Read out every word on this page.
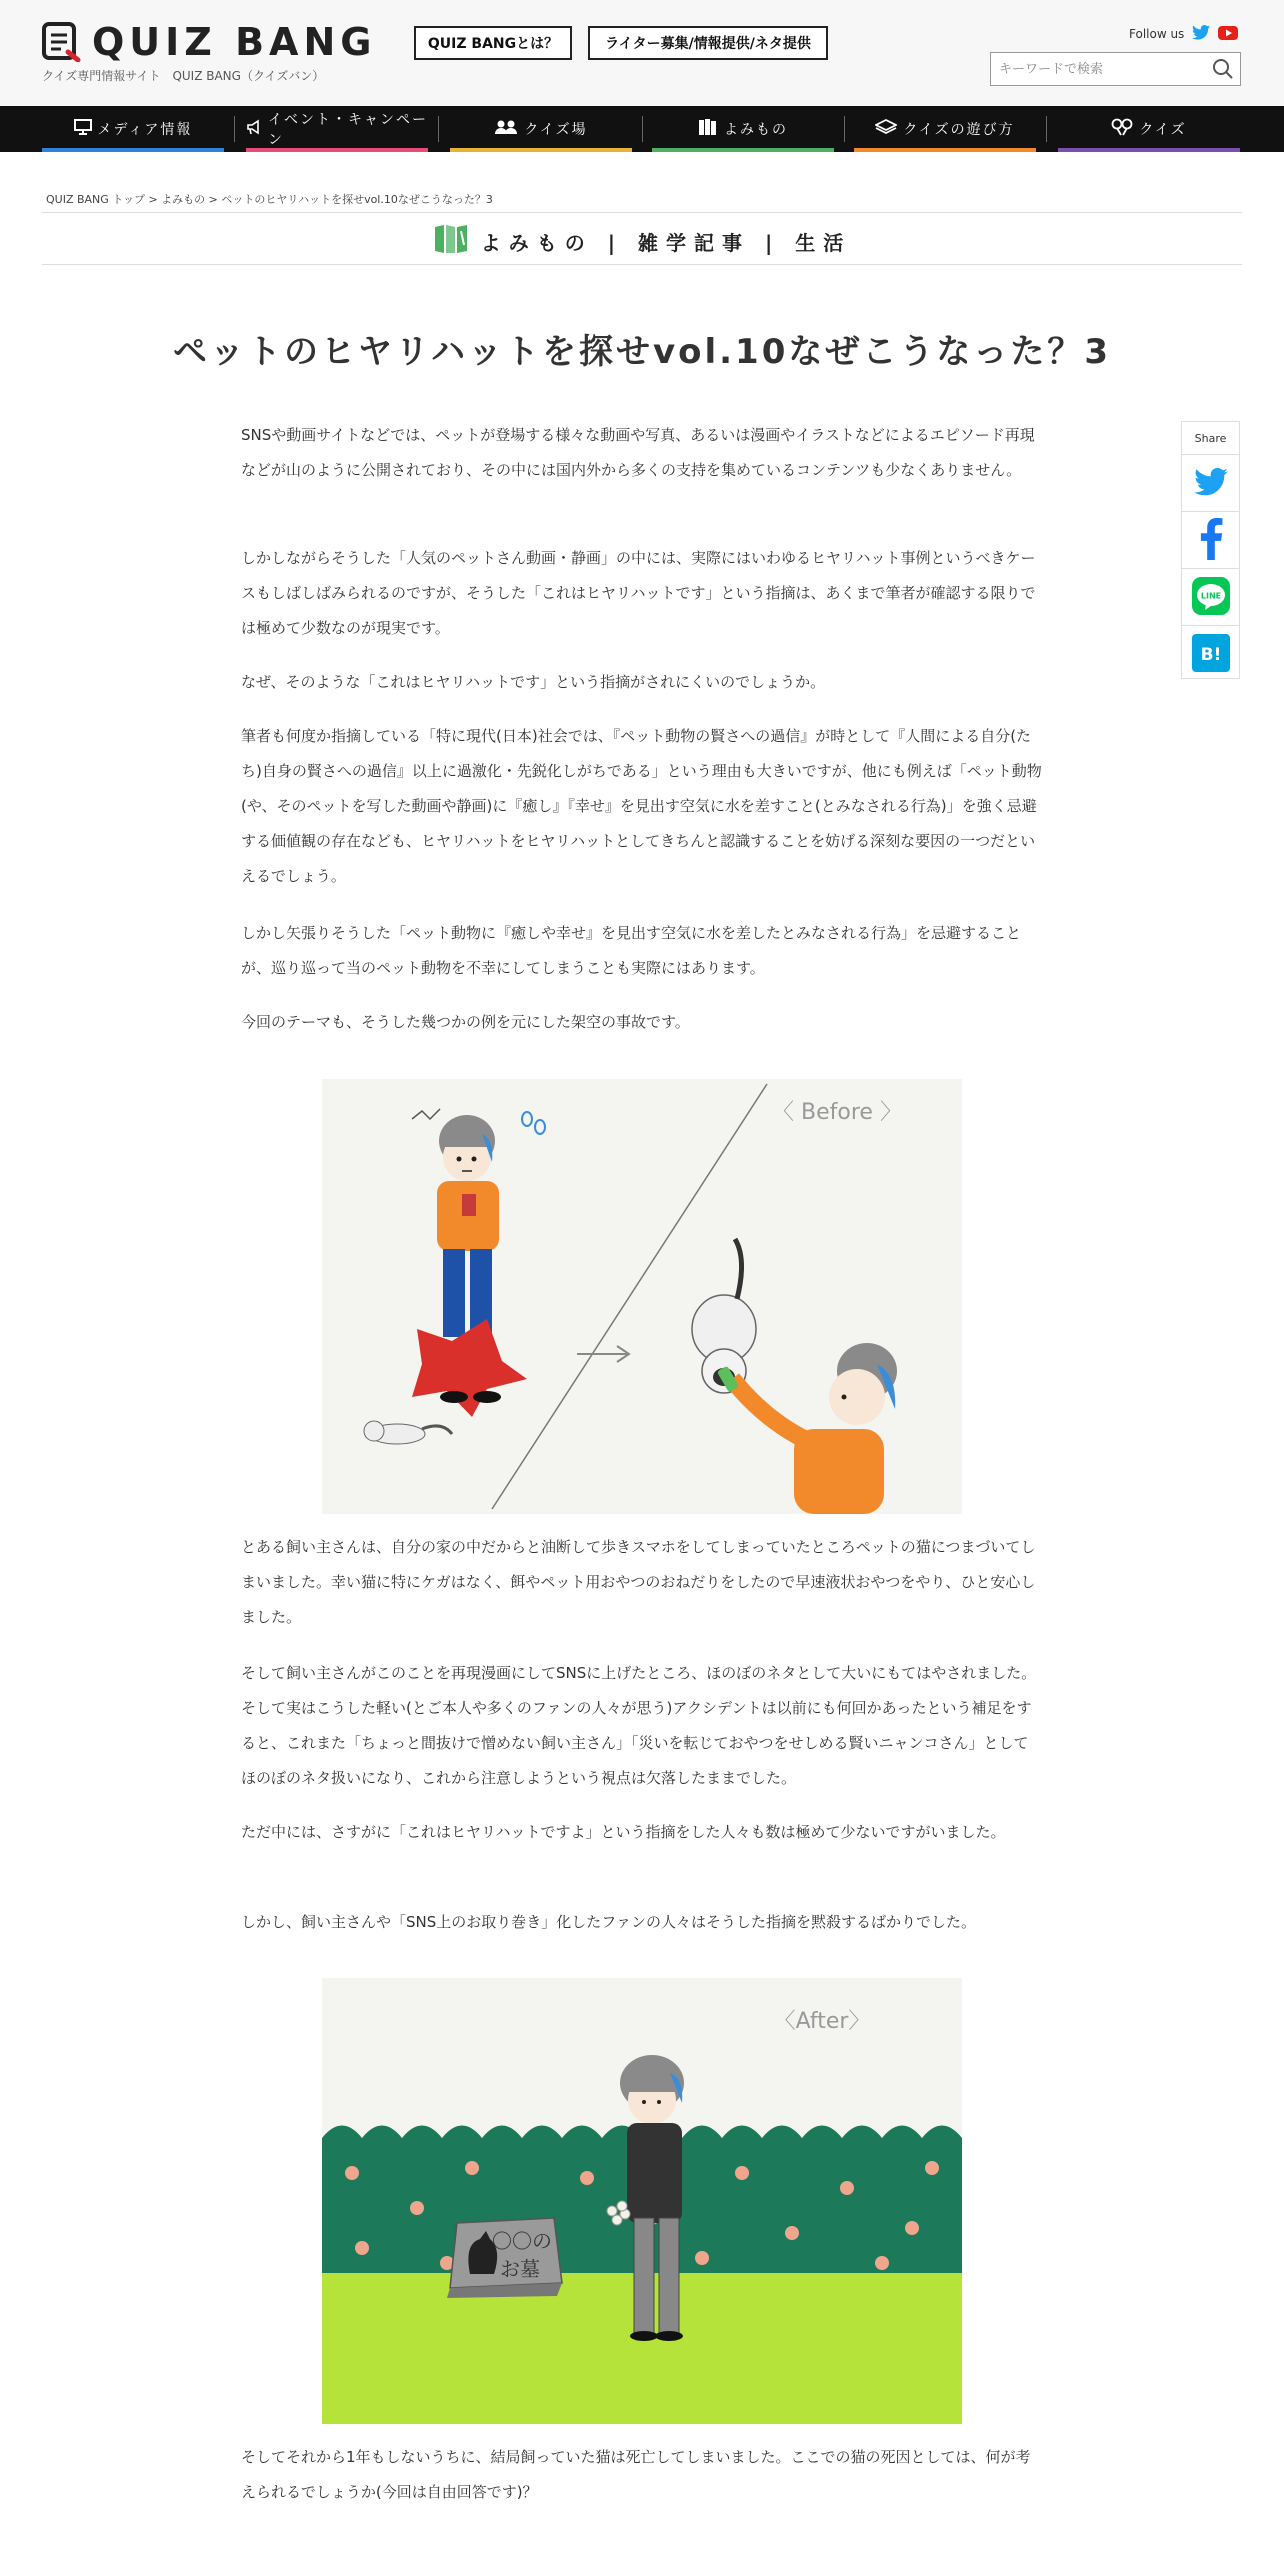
QUIZ BANG
クイズ専門情報サイト　QUIZ BANG（クイズバン）
QUIZ BANGとは？	ライター募集/情報提供/ネタ提供
Follow us
キーワードで検索
メディア情報
イベント・キャンペーン
クイズ場	よみもの	クイズの遊び方	クイズ
QUIZ BANG トップ > よみもの > ペットのヒヤリハットを探せvol.10なぜこうなった？3
よみもの | 雑学記事 | 生活
ペットのヒヤリハットを探せvol.10なぜこうなった？3
Share
LINE
B!

SNSや動画サイトなどでは、ペットが登場する様々な動画や写真、あるいは漫画やイラストなどによるエピソード再現などが山のように公開されており、その中には国内外から多くの支持を集めているコンテンツも少なくありません。

しかしながらそうした「人気のペットさん動画・静画」の中には、実際にはいわゆるヒヤリハット事例というべきケースもしばしばみられるのですが、そうした「これはヒヤリハットです」という指摘は、あくまで筆者が確認する限りでは極めて少数なのが現実です。

なぜ、そのような「これはヒヤリハットです」という指摘がされにくいのでしょうか。

筆者も何度か指摘している「特に現代(日本)社会では、『ペット動物の賢さへの過信』が時として『人間による自分(たち)自身の賢さへの過信』以上に過激化・先鋭化しがちである」という理由も大きいですが、他にも例えば「ペット動物(や、そのペットを写した動画や静画)に『癒し』『幸せ』を見出す空気に水を差すこと(とみなされる行為)」を強く忌避する価値観の存在なども、ヒヤリハットをヒヤリハットとしてきちんと認識することを妨げる深刻な要因の一つだといえるでしょう。

しかし矢張りそうした「ペット動物に『癒しや幸せ』を見出す空気に水を差したとみなされる行為」を忌避することが、巡り巡って当のペット動物を不幸にしてしまうことも実際にはあります。

今回のテーマも、そうした幾つかの例を元にした架空の事故です。

〈 Before 〉

とある飼い主さんは、自分の家の中だからと油断して歩きスマホをしてしまっていたところペットの猫につまづいてしまいました。幸い猫に特にケガはなく、餌やペット用おやつのおねだりをしたので早速液状おやつをやり、ひと安心しました。

そして飼い主さんがこのことを再現漫画にしてSNSに上げたところ、ほのぼのネタとして大いにもてはやされました。そして実はこうした軽い(とご本人や多くのファンの人々が思う)アクシデントは以前にも何回かあったという補足をすると、これまた「ちょっと間抜けで憎めない飼い主さん」「災いを転じておやつをせしめる賢いニャンコさん」としてほのぼのネタ扱いになり、これから注意しようという視点は欠落したままでした。

ただ中には、さすがに「これはヒヤリハットですよ」という指摘をした人々も数は極めて少ないですがいました。

しかし、飼い主さんや「SNS上のお取り巻き」化したファンの人々はそうした指摘を黙殺するばかりでした。

〈After〉
〇〇の
お墓

そしてそれから1年もしないうちに、結局飼っていた猫は死亡してしまいました。ここでの猫の死因としては、何が考えられるでしょうか(今回は自由回答です)？
